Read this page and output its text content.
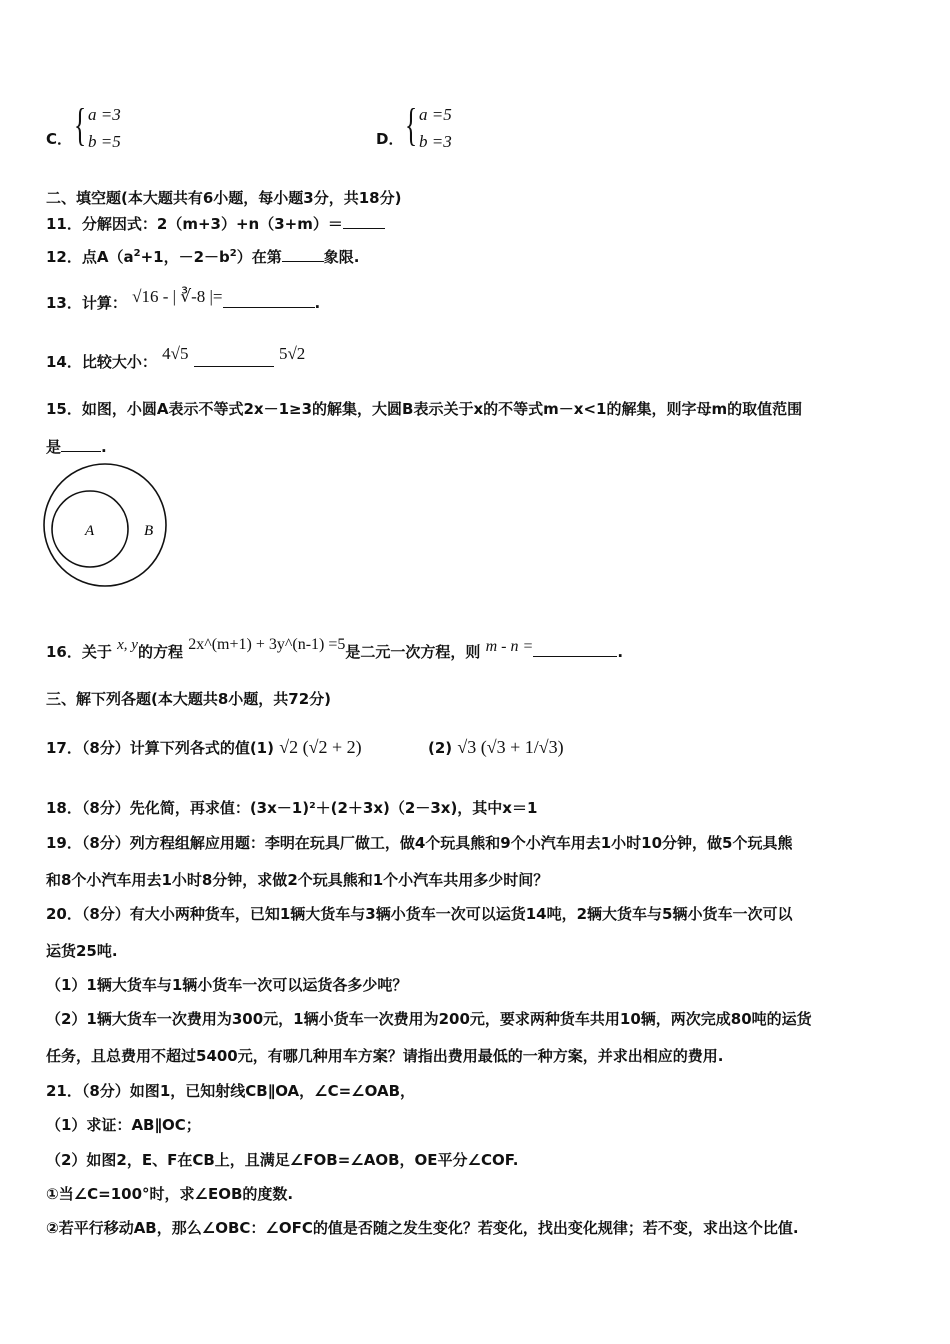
C． { a =3
b =5	D． { a =5
b =3
二、填空题(本大题共有6小题，每小题3分，共18分)
11．分解因式：2（m+3）+n（3+m）＝
12．点$A(a^2+1$，$-2-b^2$）在第	象限.
13．计算： √16 - | ∛-8 |=	.
14．比较大小： 4√5	5√2
15．如图，小圆A表示不等式2x－1≥3的解集，大圆B表示关于x的不等式m－x<1的解集，则字母m的取值范围
是	.
A	B
16．关于 x, y的方程 2x^(m+1) + 3y^(n-1) =5是二元一次方程，则 m - n =	.
三、解下列各题(本大题共8小题，共72分)
17．（8分）计算下列各式的值(1) √2 (√2 + 2)	(2) √3 (√3 + 1/√3)
18．（8分）先化简，再求值：(3x－1)²＋(2＋3x)（2－3x)，其中x＝1
19．（8分）列方程组解应用题：李明在玩具厂做工，做4个玩具熊和9个小汽车用去1小时10分钟，做5个玩具熊
和8个小汽车用去1小时8分钟，求做2个玩具熊和1个小汽车共用多少时间？
20．（8分）有大小两种货车，已知1辆大货车与3辆小货车一次可以运货14吨，2辆大货车与5辆小货车一次可以
运货25吨.
（1）1辆大货车与1辆小货车一次可以运货各多少吨？
（2）1辆大货车一次费用为300元，1辆小货车一次费用为200元，要求两种货车共用10辆，两次完成80吨的运货
任务，且总费用不超过5400元，有哪几种用车方案？请指出费用最低的一种方案，并求出相应的费用.
21．（8分）如图1，已知射线CB∥OA，∠C=∠OAB，
（1）求证：AB∥OC；
（2）如图2，E、F在CB上，且满足∠FOB=∠AOB，OE平分∠COF.
①当∠C=100°时，求∠EOB的度数.
②若平行移动AB，那么∠OBC：∠OFC的值是否随之发生变化？若变化，找出变化规律；若不变，求出这个比值.
